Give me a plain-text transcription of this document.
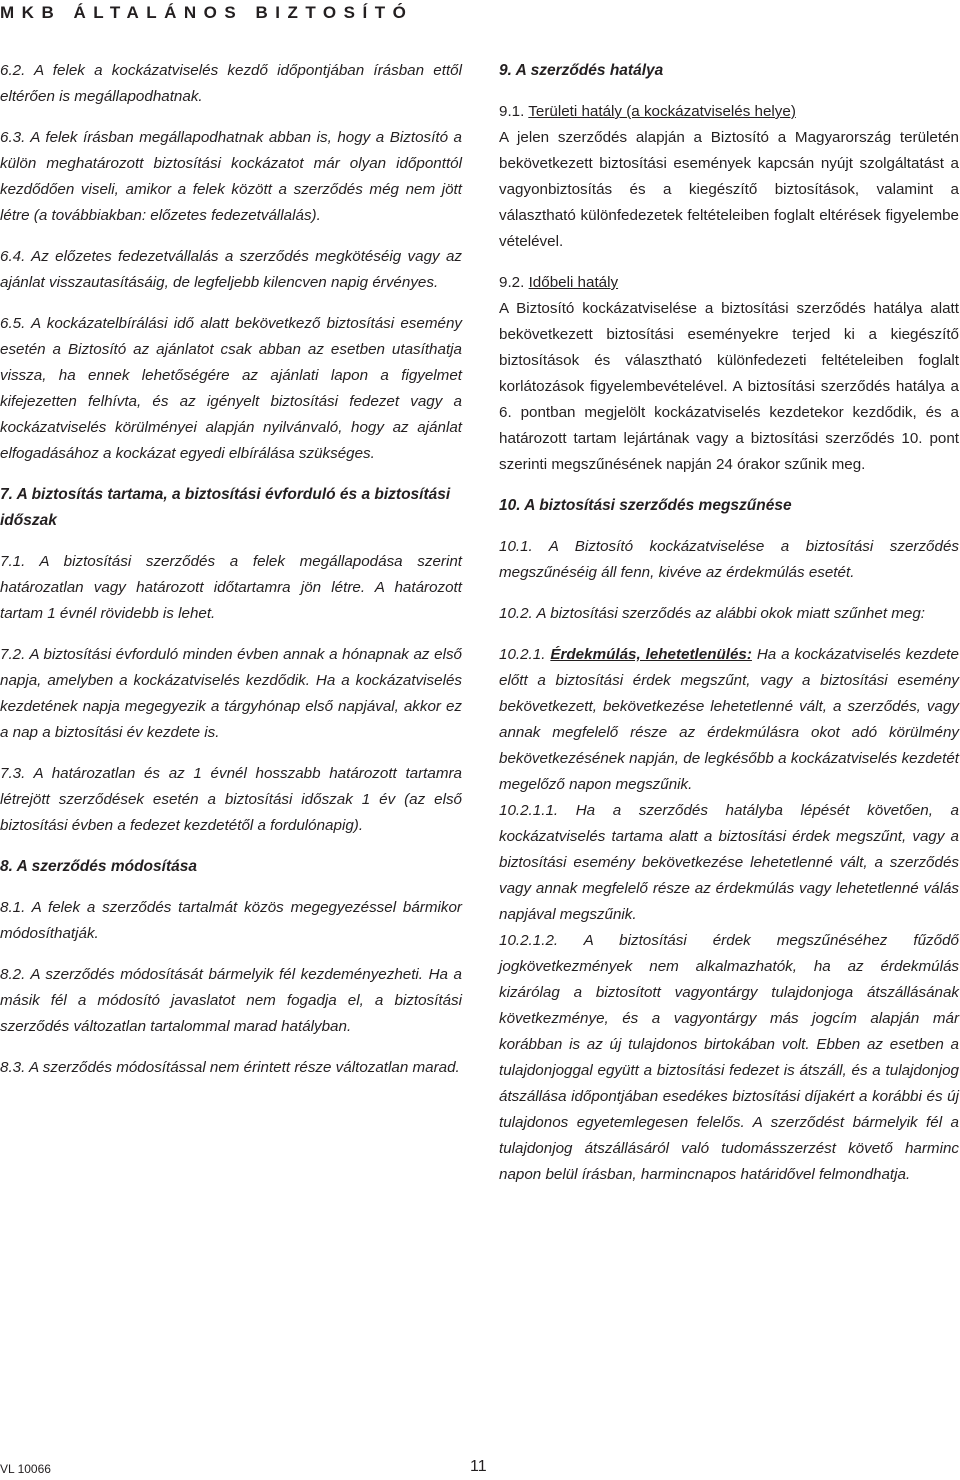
MKB ÁLTALÁNOS BIZTOSÍTÓ

6.2. A felek a kockázatviselés kezdő időpontjában írásban ettől eltérően is megállapodhatnak.

6.3. A felek írásban megállapodhatnak abban is, hogy a Biztosító a külön meghatározott biztosítási kockázatot már olyan időponttól kezdődően viseli, amikor a felek között a szerződés még nem jött létre (a továbbiakban: előzetes fedezetvállalás).

6.4. Az előzetes fedezetvállalás a szerződés megkötéséig vagy az ajánlat visszautasításáig, de legfeljebb kilencven napig érvényes.

6.5. A kockázatelbírálási idő alatt bekövetkező biztosítási esemény esetén a Biztosító az ajánlatot csak abban az esetben utasíthatja vissza, ha ennek lehetőségére az ajánlati lapon a figyelmet kifejezetten felhívta, és az igényelt biztosítási fedezet vagy a kockázatviselés körülményei alapján nyilvánvaló, hogy az ajánlat elfogadásához a kockázat egyedi elbírálása szükséges.

7. A biztosítás tartama, a biztosítási évforduló és a biztosítási időszak

7.1. A biztosítási szerződés a felek megállapodása szerint határozatlan vagy határozott időtartamra jön létre. A határozott tartam 1 évnél rövidebb is lehet.

7.2. A biztosítási évforduló minden évben annak a hónapnak az első napja, amelyben a kockázatviselés kezdődik. Ha a kockázatviselés kezdetének napja megegyezik a tárgyhónap első napjával, akkor ez a nap a biztosítási év kezdete is.

7.3. A határozatlan és az 1 évnél hosszabb határozott tartamra létrejött szerződések esetén a biztosítási időszak 1 év (az első biztosítási évben a fedezet kezdetétől a fordulónapig).

8. A szerződés módosítása

8.1. A felek a szerződés tartalmát közös megegyezéssel bármikor módosíthatják.

8.2. A szerződés módosítását bármelyik fél kezdeményezheti. Ha a másik fél a módosító javaslatot nem fogadja el, a biztosítási szerződés változatlan tartalommal marad hatályban.

8.3. A szerződés módosítással nem érintett része változatlan marad.

9. A szerződés hatálya

9.1. Területi hatály (a kockázatviselés helye)
A jelen szerződés alapján a Biztosító a Magyarország területén bekövetkezett biztosítási események kapcsán nyújt szolgáltatást a vagyonbiztosítás és a kiegészítő biztosítások, valamint a választható különfedezetek feltételeiben foglalt eltérések figyelembe vételével.

9.2. Időbeli hatály
A Biztosító kockázatviselése a biztosítási szerződés hatálya alatt bekövetkezett biztosítási eseményekre terjed ki a kiegészítő biztosítások és választható különfedezeti feltételeiben foglalt korlátozások figyelembevételével. A biztosítási szerződés hatálya a 6. pontban megjelölt kockázatviselés kezdetekor kezdődik, és a határozott tartam lejártának vagy a biztosítási szerződés 10. pont szerinti megszűnésének napján 24 órakor szűnik meg.

10. A biztosítási szerződés megszűnése

10.1. A Biztosító kockázatviselése a biztosítási szerződés megszűnéséig áll fenn, kivéve az érdekmúlás esetét.

10.2. A biztosítási szerződés az alábbi okok miatt szűnhet meg:

10.2.1. Érdekmúlás, lehetetlenülés: Ha a kockázatviselés kezdete előtt a biztosítási érdek megszűnt, vagy a biztosítási esemény bekövetkezett, bekövetkezése lehetetlenné vált, a szerződés, vagy annak megfelelő része az érdekmúlásra okot adó körülmény bekövetkezésének napján, de legkésőbb a kockázatviselés kezdetét megelőző napon megszűnik.

10.2.1.1. Ha a szerződés hatályba lépését követően, a kockázatviselés tartama alatt a biztosítási érdek megszűnt, vagy a biztosítási esemény bekövetkezése lehetetlenné vált, a szerződés vagy annak megfelelő része az érdekmúlás vagy lehetetlenné válás napjával megszűnik.

10.2.1.2. A biztosítási érdek megszűnéséhez fűződő jogkövetkezmények nem alkalmazhatók, ha az érdekmúlás kizárólag a biztosított vagyontárgy tulajdonjoga átszállásának következménye, és a vagyontárgy más jogcím alapján már korábban is az új tulajdonos birtokában volt. Ebben az esetben a tulajdonjoggal együtt a biztosítási fedezet is átszáll, és a tulajdonjog átszállása időpontjában esedékes biztosítási díjakért a korábbi és új tulajdonos egyetemlegesen felelős. A szerződést bármelyik fél a tulajdonjog átszállásáról való tudomásszerzést követő harminc napon belül írásban, harmincnapos határidővel felmondhatja.

VL 10066	11
